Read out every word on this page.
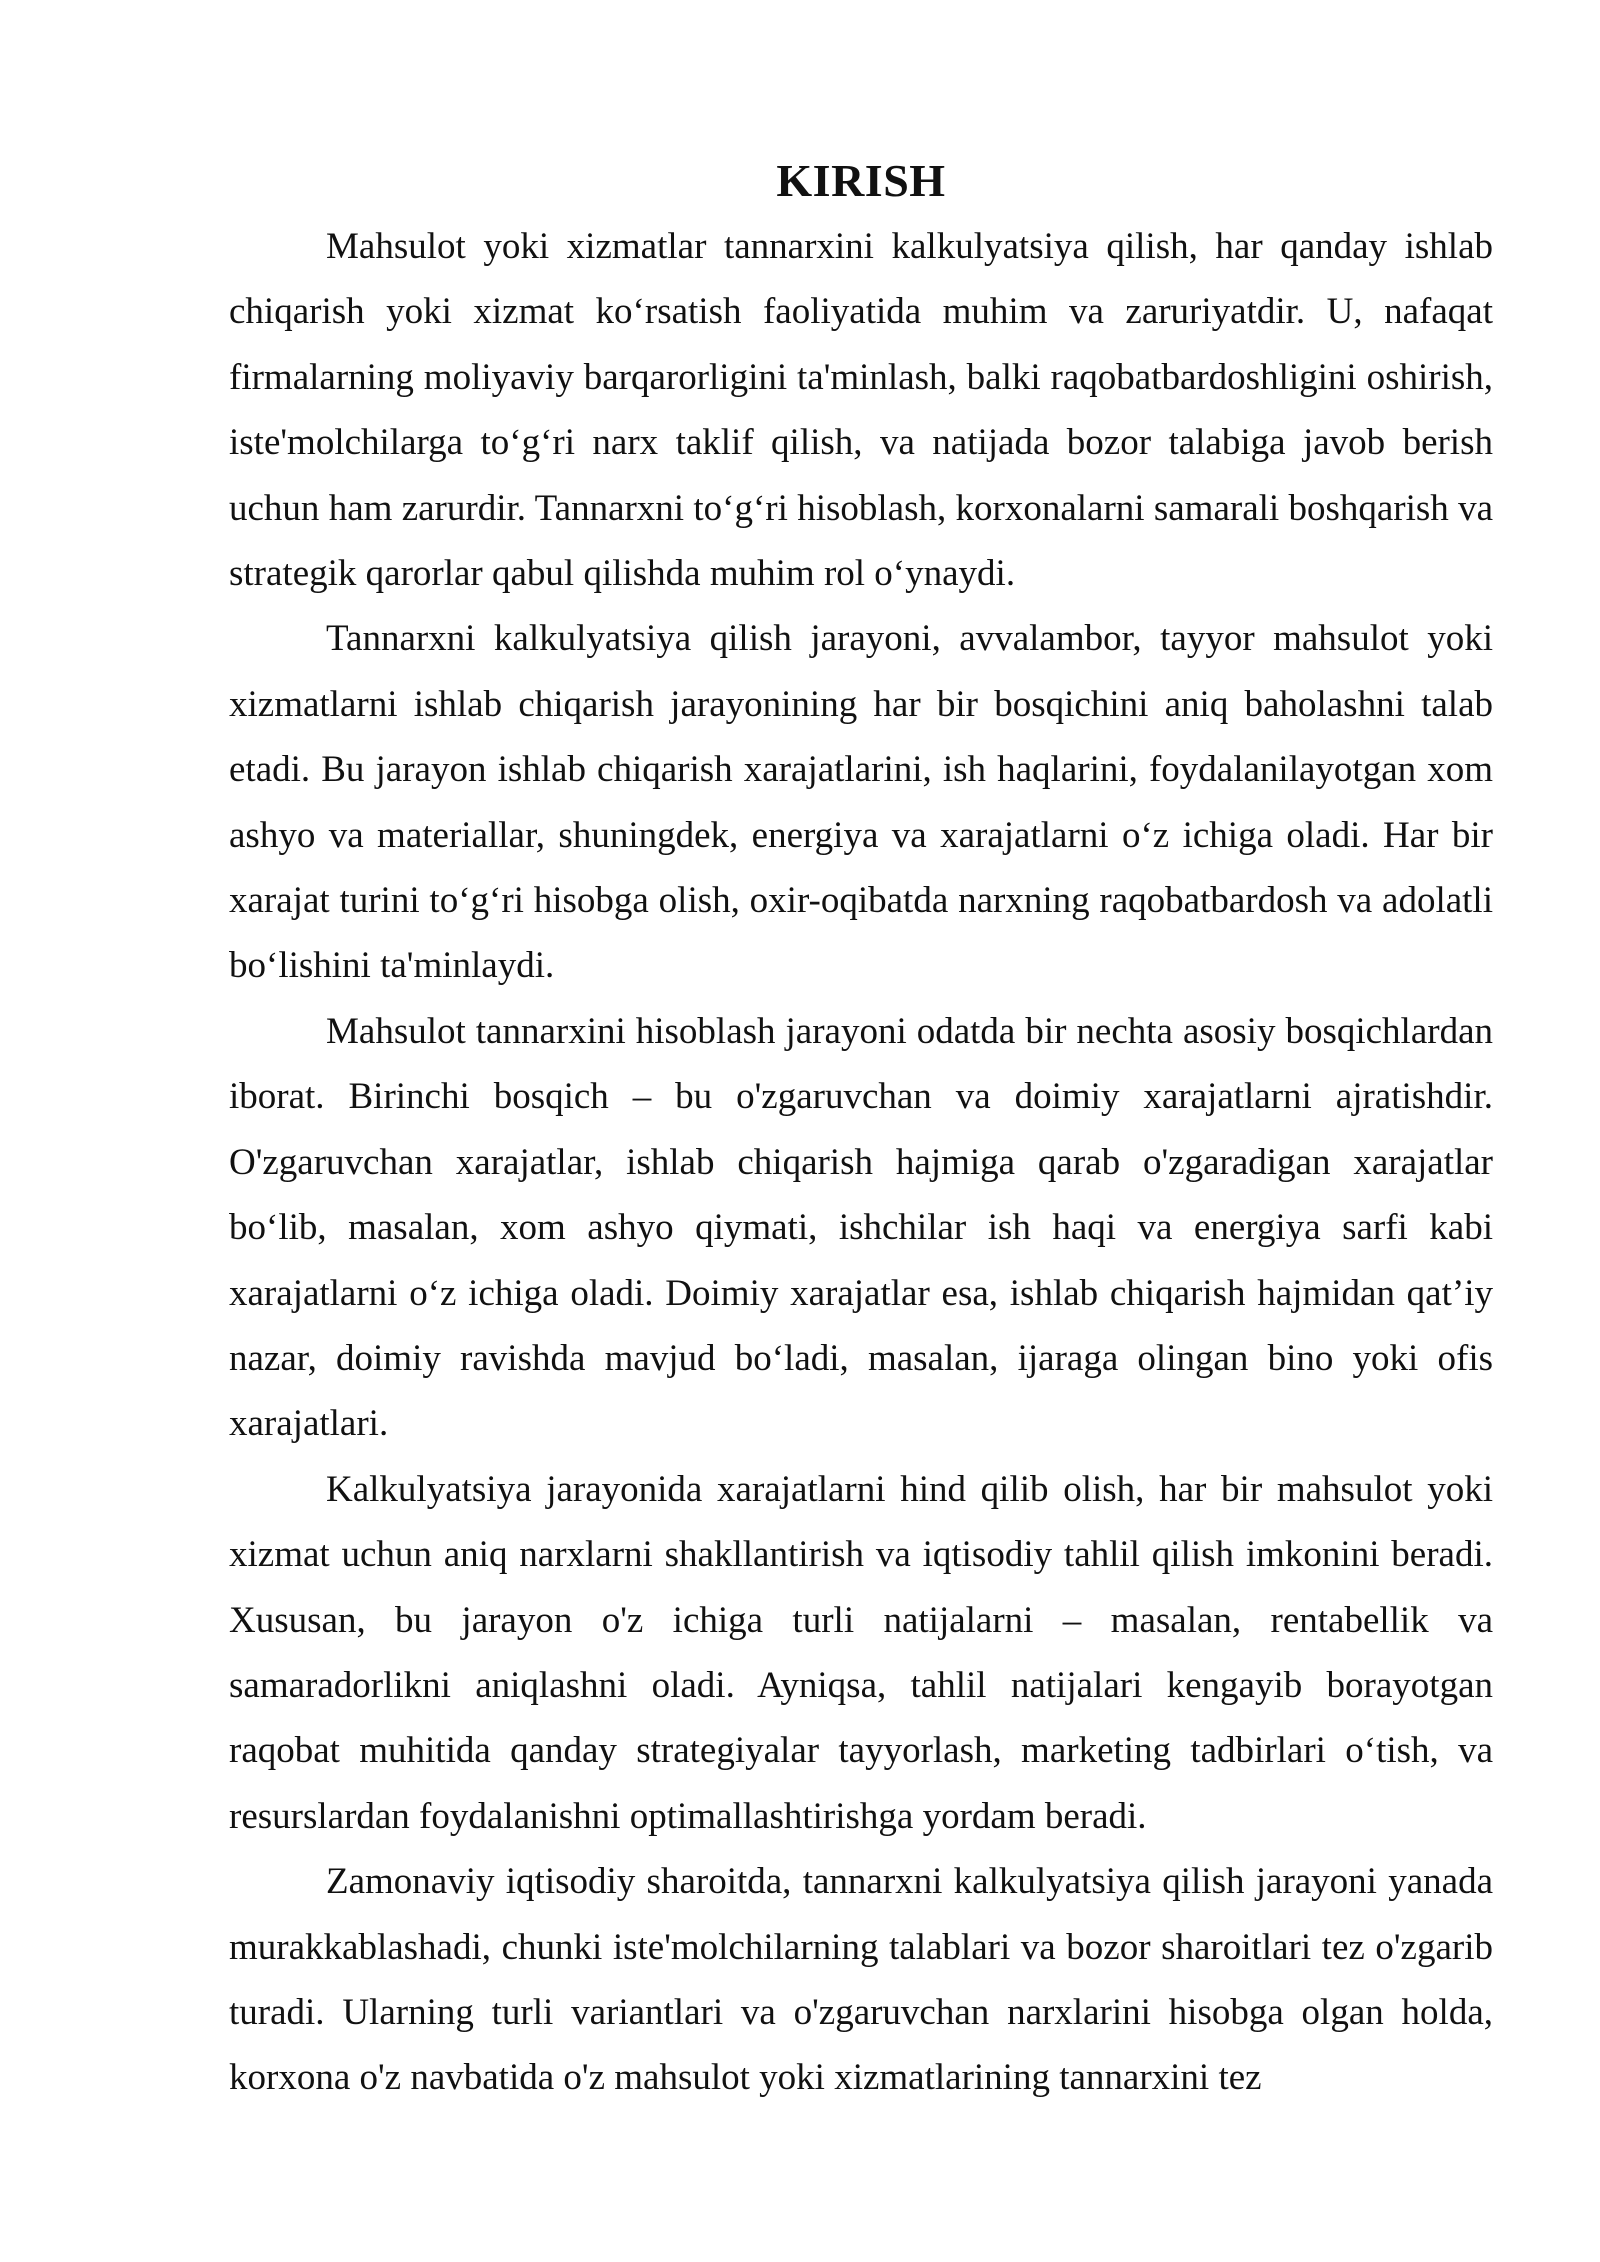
KIRISH

Mahsulot yoki xizmatlar tannarxini kalkulyatsiya qilish, har qanday ishlab chiqarish yoki xizmat ko‘rsatish faoliyatida muhim va zaruriyatdir. U, nafaqat firmalarning moliyaviy barqarorligini ta'minlash, balki raqobatbardoshligini oshirish, iste'molchilarga to‘g‘ri narx taklif qilish, va natijada bozor talabiga javob berish uchun ham zarurdir. Tannarxni to‘g‘ri hisoblash, korxonalarni samarali boshqarish va strategik qarorlar qabul qilishda muhim rol o‘ynaydi.

Tannarxni kalkulyatsiya qilish jarayoni, avvalambor, tayyor mahsulot yoki xizmatlarni ishlab chiqarish jarayonining har bir bosqichini aniq baholashni talab etadi. Bu jarayon ishlab chiqarish xarajatlarini, ish haqlarini, foydalanilayotgan xom ashyo va materiallar, shuningdek, energiya va xarajatlarni o‘z ichiga oladi. Har bir xarajat turini to‘g‘ri hisobga olish, oxir-oqibatda narxning raqobatbardosh va adolatli bo‘lishini ta'minlaydi.

Mahsulot tannarxini hisoblash jarayoni odatda bir nechta asosiy bosqichlardan iborat. Birinchi bosqich – bu o'zgaruvchan va doimiy xarajatlarni ajratishdir. O'zgaruvchan xarajatlar, ishlab chiqarish hajmiga qarab o'zgaradigan xarajatlar bo‘lib, masalan, xom ashyo qiymati, ishchilar ish haqi va energiya sarfi kabi xarajatlarni o‘z ichiga oladi. Doimiy xarajatlar esa, ishlab chiqarish hajmidan qat’iy nazar, doimiy ravishda mavjud bo‘ladi, masalan, ijaraga olingan bino yoki ofis xarajatlari.

Kalkulyatsiya jarayonida xarajatlarni hind qilib olish, har bir mahsulot yoki xizmat uchun aniq narxlarni shakllantirish va iqtisodiy tahlil qilish imkonini beradi. Xususan, bu jarayon o'z ichiga turli natijalarni – masalan, rentabellik va samaradorlikni aniqlashni oladi. Ayniqsa, tahlil natijalari kengayib borayotgan raqobat muhitida qanday strategiyalar tayyorlash, marketing tadbirlari o‘tish, va resurslardan foydalanishni optimallashtirishga yordam beradi.

Zamonaviy iqtisodiy sharoitda, tannarxni kalkulyatsiya qilish jarayoni yanada murakkablashadi, chunki iste'molchilarning talablari va bozor sharoitlari tez o'zgarib turadi. Ularning turli variantlari va o'zgaruvchan narxlarini hisobga olgan holda, korxona o'z navbatida o'z mahsulot yoki xizmatlarining tannarxini tez
